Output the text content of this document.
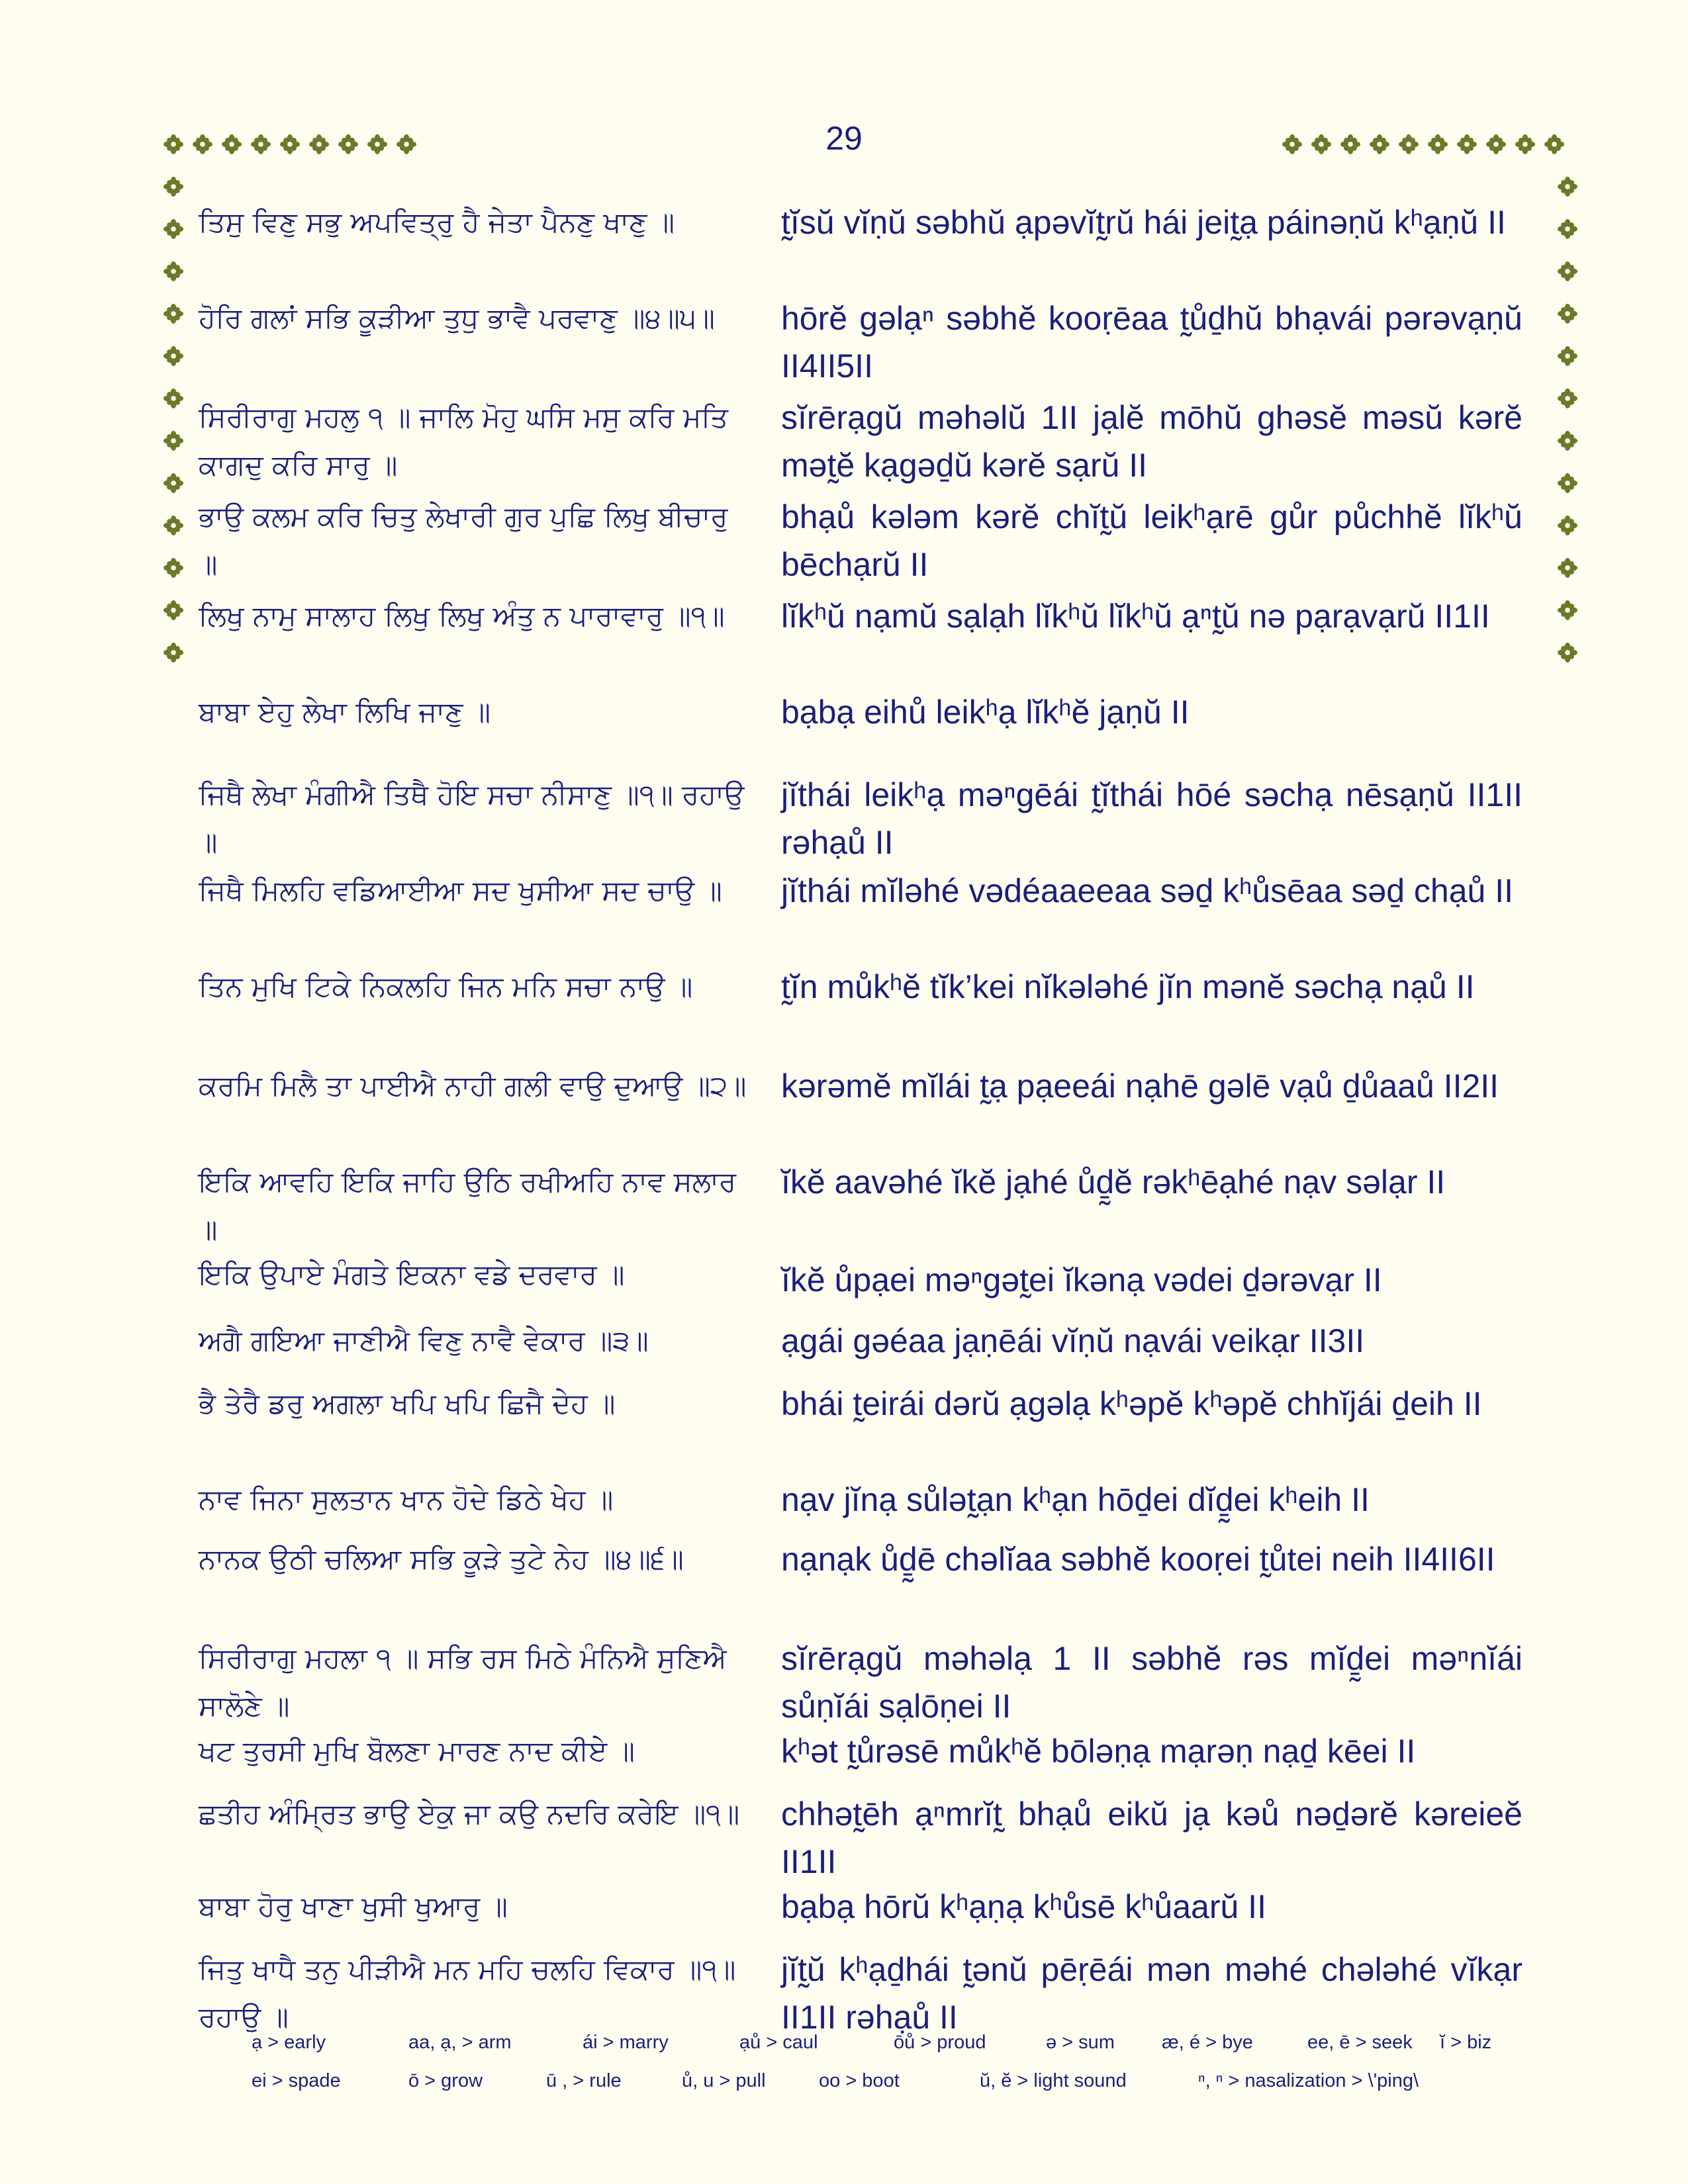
29
ਤਿਸੁ ਵਿਣੁ ਸਭੁ ਅਪਵਿਤ੍ਰੁ ਹੈ ਜੇਤਾ ਪੈਨਣੁ ਖਾਣੁ ॥	t̰ĭsŭ vĭṇŭ səbhŭ ạpəvĭt̰rŭ hái jeit̰ạ páinəṇŭ kʰạṇŭ II
ਹੋਰਿ ਗਲਾਂ ਸਭਿ ਕੂੜੀਆ ਤੁਧੁ ਭਾਵੈ ਪਰਵਾਣੁ ॥੪॥੫॥	hōrĕ gəlạⁿ səbhĕ kooṛēaa t̰ůḏhŭ bhạvái pərəvạṇŭ II4II5II
ਸਿਰੀਰਾਗੁ ਮਹਲੁ ੧ ॥ ਜਾਲਿ ਮੋਹੁ ਘਸਿ ਮਸੁ ਕਰਿ ਮਤਿ ਕਾਗਦੁ ਕਰਿ ਸਾਰੁ ॥
sĭrērạgŭ məhəlŭ 1II jạlĕ mōhŭ ghəsĕ məsŭ kərĕ mət̰ĕ kạgəḏŭ kərĕ sạrŭ II
ਭਾਉ ਕਲਮ ਕਰਿ ਚਿਤੁ ਲੇਖਾਰੀ ਗੁਰ ਪੁਛਿ ਲਿਖੁ ਬੀਚਾਰੁ ॥
bhạů kələm kərĕ chĭt̰ŭ leikʰạrē gůr půchhĕ lĭkʰŭ bēchạrŭ II
ਲਿਖੁ ਨਾਮੁ ਸਾਲਾਹ ਲਿਖੁ ਲਿਖੁ ਅੰਤੁ ਨ ਪਾਰਾਵਾਰੁ ॥੧॥	lĭkʰŭ nạmŭ sạlạh lĭkʰŭ lĭkʰŭ ạⁿt̰ŭ nə pạrạvạrŭ II1II
ਬਾਬਾ ਏਹੁ ਲੇਖਾ ਲਿਖਿ ਜਾਣੁ ॥	bạbạ eihů leikʰạ lĭkʰĕ jạṇŭ II
ਜਿਥੈ ਲੇਖਾ ਮੰਗੀਐ ਤਿਥੈ ਹੋਇ ਸਚਾ ਨੀਸਾਣੁ ॥੧॥ ਰਹਾਉ ॥
jĭthái leikʰạ məⁿgēái t̰ĭthái hōé səchạ nēsạṇŭ II1II rəhạů II
ਜਿਥੈ ਮਿਲਹਿ ਵਡਿਆਈਆ ਸਦ ਖੁਸੀਆ ਸਦ ਚਾਉ ॥	jĭthái mĭləhé vədéaaeeaa səḏ kʰůsēaa səḏ chạů II
ਤਿਨ ਮੁਖਿ ਟਿਕੇ ਨਿਕਲਹਿ ਜਿਨ ਮਨਿ ਸਚਾ ਨਾਉ ॥	t̰ĭn můkʰĕ tĭk’kei nĭkələhé jĭn mənĕ səchạ nạů II
ਕਰਮਿ ਮਿਲੈ ਤਾ ਪਾਈਐ ਨਾਹੀ ਗਲੀ ਵਾਉ ਦੁਆਉ ॥੨॥ kərəmĕ mĭlái t̰ạ pạeeái nạhē gəlē vạů ḏůaaů II2II
ਇਕਿ ਆਵਹਿ ਇਕਿ ਜਾਹਿ ਉਠਿ ਰਖੀਅਹਿ ਨਾਵ ਸਲਾਰ ॥
ĭkĕ aavəhé ĭkĕ jạhé ůḏ̰ĕ rəkʰēạhé nạv səlạr II
ਇਕਿ ਉਪਾਏ ਮੰਗਤੇ ਇਕਨਾ ਵਡੇ ਦਰਵਾਰ ॥	ĭkĕ ůpạei məⁿgət̰ei ĭkənạ vədei ḏərəvạr II
ਅਗੈ ਗਇਆ ਜਾਣੀਐ ਵਿਣੁ ਨਾਵੈ ਵੇਕਾਰ ॥੩॥	ạgái gəéaa jạṇēái vĭṇŭ nạvái veikạr II3II
ਭੈ ਤੇਰੈ ਡਰੁ ਅਗਲਾ ਖਪਿ ਖਪਿ ਛਿਜੈ ਦੇਹ ॥	bhái t̰eirái dərŭ ạgəlạ kʰəpĕ kʰəpĕ chhĭjái ḏeih II
ਨਾਵ ਜਿਨਾ ਸੁਲਤਾਨ ਖਾਨ ਹੋਦੇ ਡਿਠੇ ਖੇਹ ॥	nạv jĭnạ sůlət̰ạn kʰạn hōḏei dĭḏ̰ei kʰeih II
ਨਾਨਕ ਉਠੀ ਚਲਿਆ ਸਭਿ ਕੂੜੇ ਤੁਟੇ ਨੇਹ ॥੪॥੬॥	nạnạk ůḏ̰ē chəlĭaa səbhĕ kooṛei t̰ůtei neih II4II6II
ਸਿਰੀਰਾਗੁ ਮਹਲਾ ੧ ॥ ਸਭਿ ਰਸ ਮਿਠੇ ਮੰਨਿਐ ਸੁਣਿਐ ਸਾਲੋਣੇ ॥
sĭrērạgŭ məhəlạ 1 II səbhĕ rəs mĭḏ̰ei məⁿnĭái sůṇĭái sạlōṇei II
ਖਟ ਤੁਰਸੀ ਮੁਖਿ ਬੋਲਣਾ ਮਾਰਣ ਨਾਦ ਕੀਏ ॥	kʰət t̰ůrəsē můkʰĕ bōləṇạ mạrəṇ nạḏ kēei II
ਛਤੀਹ ਅੰਮ੍ਰਿਤ ਭਾਉ ਏਕੁ ਜਾ ਕਉ ਨਦਰਿ ਕਰੇਇ ॥੧॥ chhət̰ēh ạⁿmrĭt̰ bhạů eikŭ jạ kəů nəḏərĕ kəreieĕ II1II
ਬਾਬਾ ਹੋਰੁ ਖਾਣਾ ਖੁਸੀ ਖੁਆਰੁ ॥	bạbạ hōrŭ kʰạṇạ kʰůsē kʰůaarŭ II
ਜਿਤੁ ਖਾਧੈ ਤਨੁ ਪੀੜੀਐ ਮਨ ਮਹਿ ਚਲਹਿ ਵਿਕਾਰ ॥੧॥ ਰਹਾਉ ॥
jĭt̰ŭ kʰạḏhái t̰ənŭ pēṛēái mən məhé chələhé vĭkạr II1II rəhạů II
ạ > early	aa, ạ, > arm	ái > marry	ạů > caul	ōů > proud	ə > sum æ, é > bye	ee, ē > seek ĭ > biz
ei > spade	ō > grow	ū , > rule	ů, u > pull	oo > boot	ŭ, ĕ > light sound	ⁿ, ⁿ > nasalization > \'ping\
